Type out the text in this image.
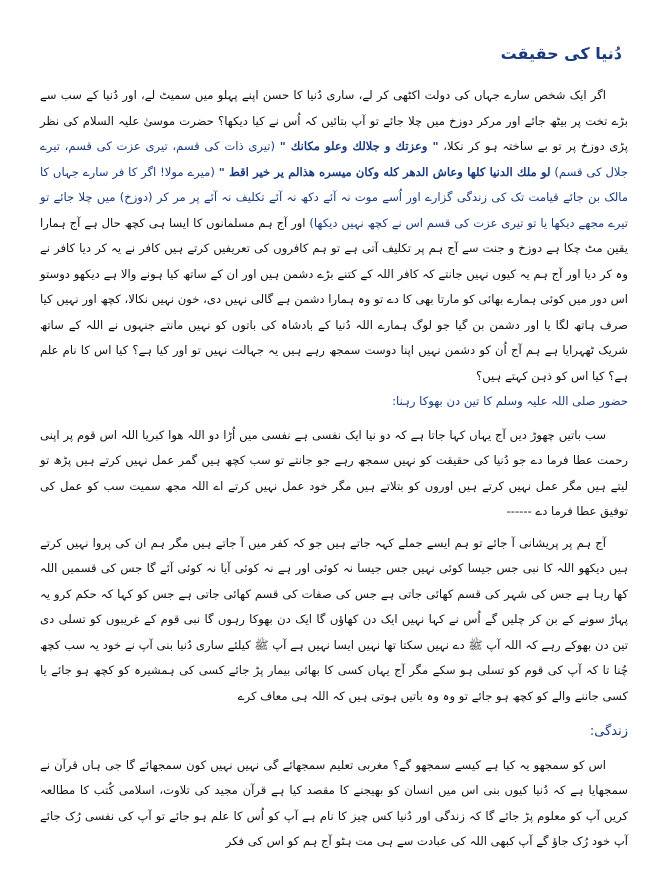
دُنیا کی حقیقت

اگر ایک شخص سارے جہاں کی دولت اکٹھی کر لے، ساری دُنیا کا حسن اپنے پہلو میں سمیٹ لے، اور دُنیا کے سب سے بڑے تخت پر بیٹھ جائے اور مرکر دوزخ میں چلا جائے تو آپ بتائیں کہ اُس نے کیا دیکھا؟ حضرت موسیٰ علیہ السلام کی نظر پڑی دوزخ پر تو بے ساختہ ہو کر نکلا، " وعزتك و جلالك وعلو مكانك " (تیری ذات کی قسم، تیری عزت کی قسم، تیرے جلال کی قسم) لو ملك الدنيا كلها وعاش الدهر كله وكان ميسره هذالم ير خير اقط " (میرے مولا! اگر کا فر سارے جہاں کا مالک بن جائے قیامت تک کی زندگی گزارے اور اُسے موت نہ آئے دکھ نہ آئے تکلیف نہ آئے پر مر کر (دوزخ) میں چلا جائے تو تیرے مجھے دیکھا یا تو تیری عزت کی قسم اس نے کچھ نہیں دیکھا) اور آج ہم مسلمانوں کا ایسا ہی کچھ حال ہے آج ہمارا یقین مٹ چکا ہے دوزخ و جنت سے آج ہم پر تکلیف آتی ہے تو ہم کافروں کی تعریفیں کرتے ہیں کافر نے یہ کر دیا کافر نے وہ کر دیا اور آج ہم یہ کیوں نہیں جانتے کہ کافر اللہ کے کتنے بڑے دشمن ہیں اور ان کے ساتھ کیا ہونے والا ہے دیکھو دوستو اس دور میں کوئی ہمارے بھائی کو مارتا بھی کا دے تو وہ ہمارا دشمن ہے گالی نہیں دی، خون نہیں نکالا، کچھ اور نہیں کیا صرف ہاتھ لگا یا اور دشمن بن گیا جو لوگ ہمارے اللہ دُنیا کے بادشاہ کی باتوں کو نہیں مانتے جنہوں نے اللہ کے ساتھ شریک ٹھہرایا ہے ہم آج اُن کو دشمن نہیں اپنا دوست سمجھ رہے ہیں یہ جہالت نہیں تو اور کیا ہے؟ کیا اس کا نام علم ہے؟ کیا اس کو ذہن کہتے ہیں؟

حضور صلی اللہ علیہ وسلم کا تین دن بھوکا رہنا:

سب باتیں چھوڑ دیں آج یہاں کہا جاتا ہے کہ دو نیا ایک نفسی ہے نفسی میں اُڑا دو اللہ ھوا کبریا اللہ اس قوم پر اپنی رحمت عطا فرما دے جو دُنیا کی حقیقت کو نہیں سمجھ رہے جو جانتے تو سب کچھ ہیں گمر عمل نہیں کرتے ہیں پڑھ تو لیتے ہیں مگر عمل نہیں کرتے ہیں اوروں کو بتلاتے ہیں مگر خود عمل نہیں کرتے اے اللہ مجھ سمیت سب کو عمل کی توفیق عطا فرما دے ------

آج ہم پر پریشانی آ جائے تو ہم ایسے جملے کہہ جاتے ہیں جو کہ کفر میں آ جاتے ہیں مگر ہم ان کی پروا نہیں کرتے ہیں دیکھو اللہ کا نبی جس جیسا کوئی نہیں جس جیسا نہ کوئی اور ہے نہ کوئی آیا نہ کوئی آئے گا جس کی قسمیں اللہ کھا رہا ہے جس کی شہر کی قسم کھائی جاتی ہے جس کی صفات کی قسم کھائی جاتی ہے جس کو کہا کہ حکم کرو یہ پہاڑ سونے کے بن کر چلیں گے اُس نے کہا نہیں ایک دن کھاؤں گا ایک دن بھوکا رہوں گا نبی قوم کے غریبوں کو تسلی دی تین دن بھوکے رہے کہ اللہ آپ ﷺ دے نہیں سکتا تھا نہیں ایسا نہیں ہے آپ ﷺ کیلئے ساری دُنیا بنی آپ نے خود یہ سب کچھ چُنا تا کہ آپ کی قوم کو تسلی ہو سکے مگر آج یہاں کسی کا بھائی بیمار پڑ جائے کسی کی ہمشیرہ کو کچھ ہو جائے یا کسی جاننے والے کو کچھ ہو جائے تو وہ وہ باتیں ہوتی ہیں کہ اللہ ہی معاف کرے

زندگی:

اس کو سمجھو یہ کیا ہے کیسے سمجھو گے؟ مغربی تعلیم سمجھائے گی نہیں نہیں کون سمجھائے گا جی ہاں قرآن نے سمجھایا ہے کہ دُنیا کیوں بنی اس میں انسان کو بھیجنے کا مقصد کیا ہے قرآن مجید کی تلاوت، اسلامی کُتب کا مطالعہ کریں آپ کو معلوم پڑ جائے گا کہ زندگی اور دُنیا کس چیز کا نام ہے آپ کو اُس کا علم ہو جائے تو آپ کی نفسی رُک جائے آپ خود رُک جاؤ گے آپ کبھی اللہ کی عبادت سے ہی مت ہٹو آج ہم کو اس کی فکر
